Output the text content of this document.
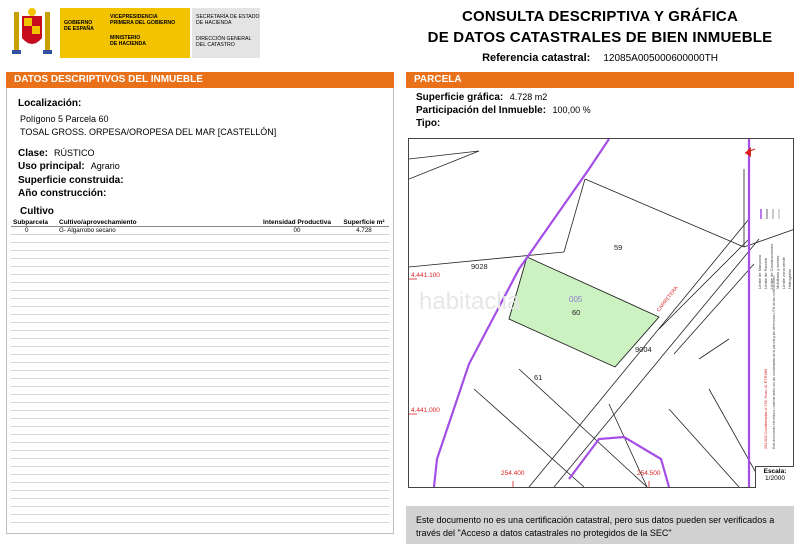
GOBIERNO
DE ESPAÑA
VICEPRESIDENCIA
PRIMERA DEL GOBIERNO
MINISTERIO
DE HACIENDA
SECRETARÍA DE ESTADO
DE HACIENDA
DIRECCIÓN GENERAL
DEL CATASTRO
CONSULTA DESCRIPTIVA Y GRÁFICA
DE DATOS CATASTRALES DE BIEN INMUEBLE
Referencia catastral: 12085A005000600000TH
DATOS DESCRIPTIVOS DEL INMUEBLE
Localización:
Polígono 5 Parcela 60
TOSAL GROSS. ORPESA/OROPESA DEL MAR [CASTELLÓN]
Clase: RÚSTICO
Uso principal: Agrario
Superficie construida:
Año construcción:
Cultivo
Subparcela	Cultivo/aprovechamiento	Intensidad Productiva	Superficie m²
0	G- Algarrobo secano	00	4.728
PARCELA
Superficie gráfica: 4.728 m2
Participación del Inmueble: 100,00 %
Tipo:
005
60
59
61
9028
9004
CARRETERA
4.441.100
4.441.000
254.400	254.500
habitaclia
Límite de Manzana Límite de Parcela Límite de Construcciones Mobiliario y aceras Límite zona verde Hidrografía
254.600 Coordenadas U.T.M. Huso 31 ETRS89 Este documento electrónico contiene datos con las coordenadas de la parcela y las referencias UTM de las certificaciones.
Escala:
1/2000
Este documento no es una certificación catastral, pero sus datos pueden ser verificados a través del "Acceso a datos catastrales no protegidos de la SEC"
